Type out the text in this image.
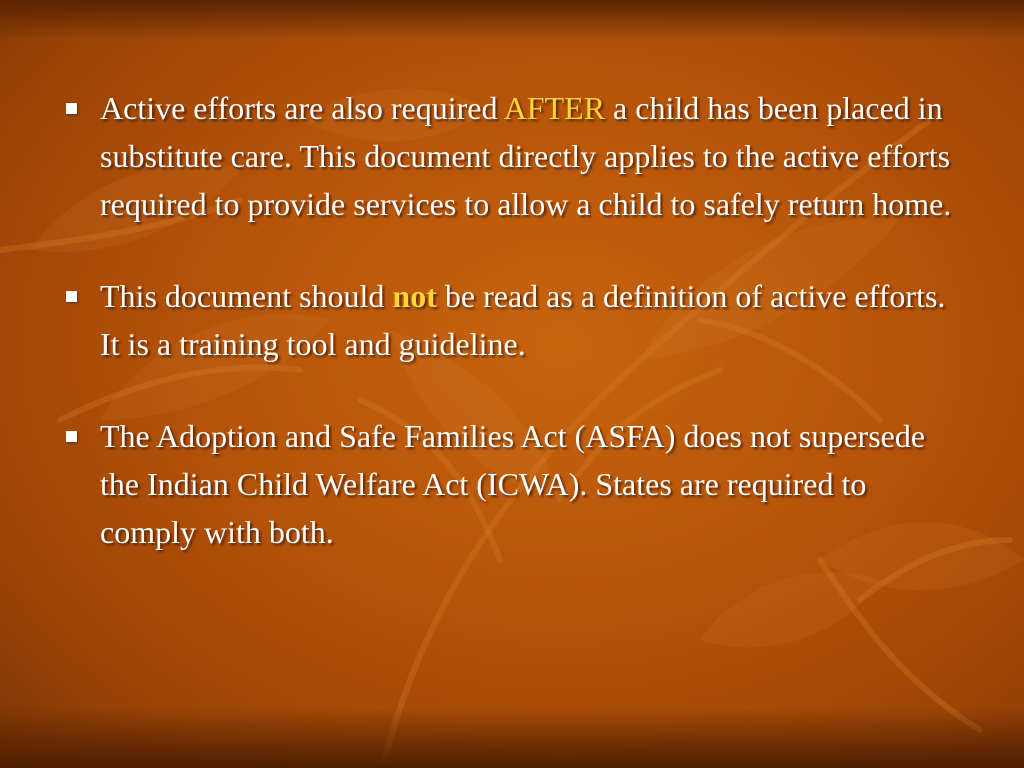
Active efforts are also required AFTER a child has been placed in substitute care. This document directly applies to the active efforts required to provide services to allow a child to safely return home.
This document should not be read as a definition of active efforts. It is a training tool and guideline.
The Adoption and Safe Families Act (ASFA) does not supersede the Indian Child Welfare Act (ICWA). States are required to comply with both.
